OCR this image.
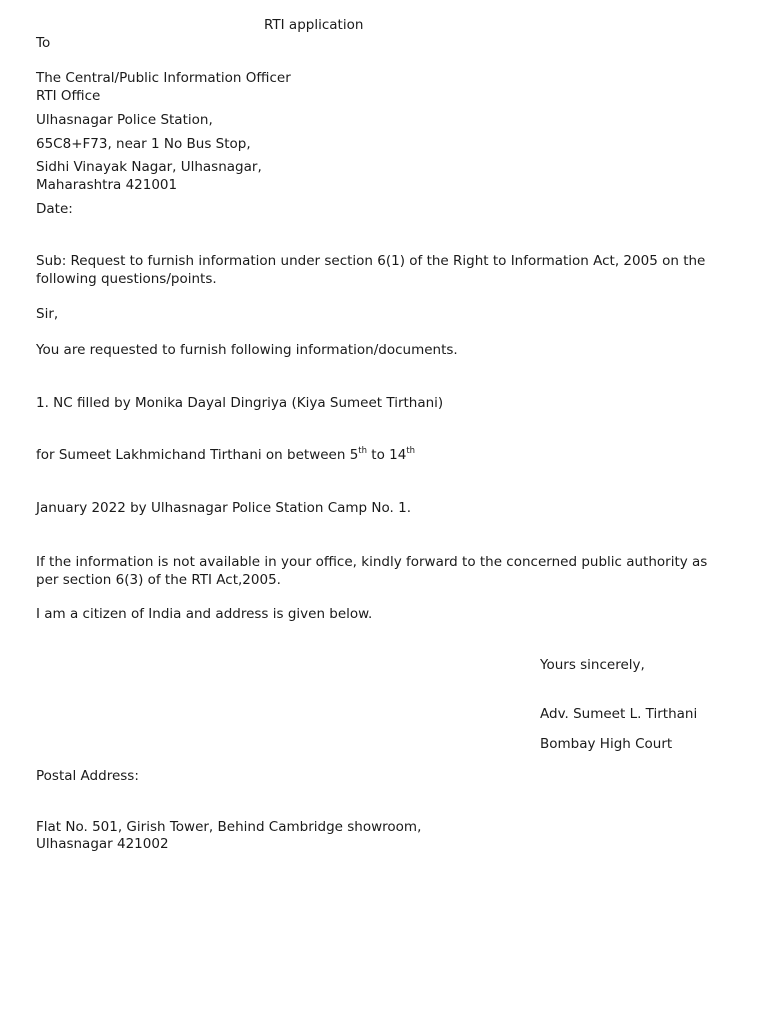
RTI application

To

The Central/Public Information Officer

RTI Office

Ulhasnagar Police Station,

65C8+F73, near 1 No Bus Stop,

Sidhi Vinayak Nagar, Ulhasnagar,

Maharashtra 421001

Date:

Sub: Request to furnish information under section 6(1) of the Right to Information Act, 2005 on the following questions/points.

Sir,

You are requested to furnish following information/documents.

1. NC filled by Monika Dayal Dingriya (Kiya Sumeet Tirthani)

for Sumeet Lakhmichand Tirthani on between 5th to 14th

January 2022 by Ulhasnagar Police Station Camp No. 1.

If the information is not available in your office, kindly forward to the concerned public authority as per section 6(3) of the RTI Act,2005.

I am a citizen of India and address is given below.

Yours sincerely,

Adv. Sumeet L. Tirthani

Bombay High Court

Postal Address:

Flat No. 501, Girish Tower, Behind Cambridge showroom,

Ulhasnagar 421002
